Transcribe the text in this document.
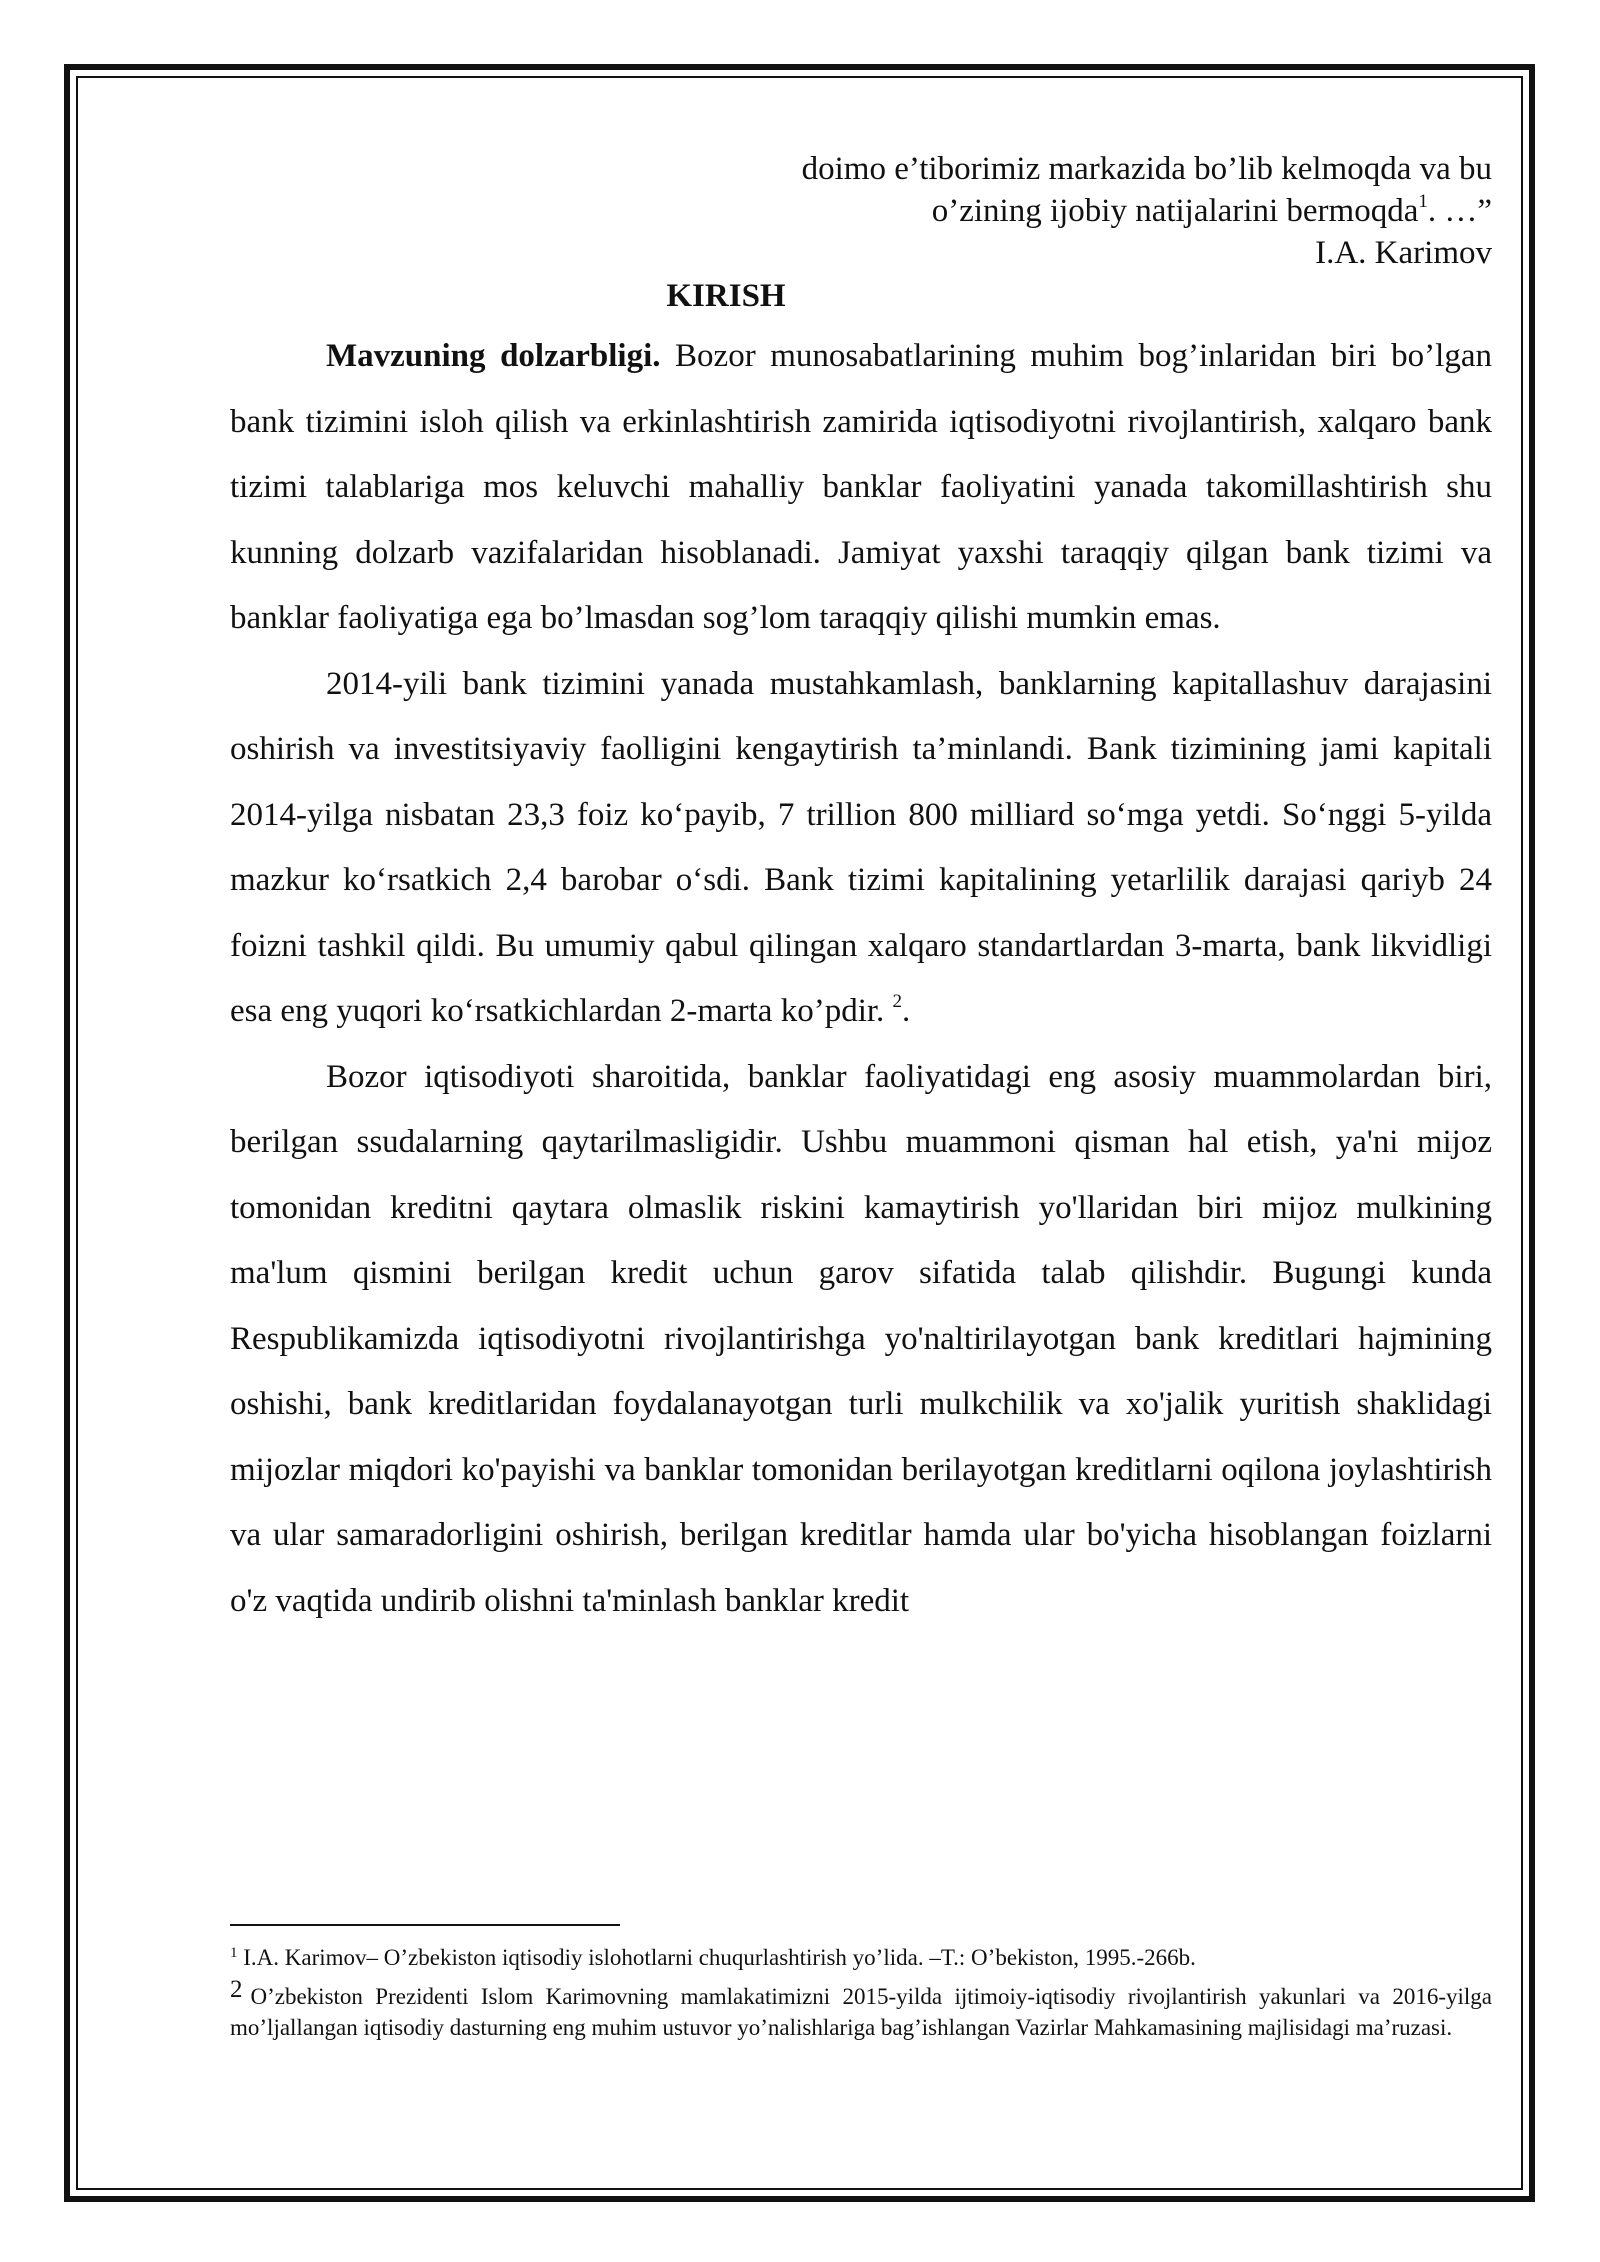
doimo e’tiborimiz markazida bo’lib kelmoqda va bu

o’zining ijobiy natijalarini bermoqda$^1$. …”

I.A. Karimov

KIRISH

Mavzuning dolzarbligi. Bozor munosabatlarining muhim bog’inlaridan biri bo’lgan bank tizimini isloh qilish va erkinlashtirish zamirida iqtisodiyotni rivojlantirish, xalqaro bank tizimi talablariga mos keluvchi mahalliy banklar faoliyatini yanada takomillashtirish shu kunning dolzarb vazifalaridan hisoblanadi. Jamiyat yaxshi taraqqiy qilgan bank tizimi va banklar faoliyatiga ega bo’lmasdan sog’lom taraqqiy qilishi mumkin emas.

2014-yili bank tizimini yanada mustahkamlash, banklarning kapitallashuv darajasini oshirish va investitsiyaviy faolligini kengaytirish ta’minlandi. Bank tizimining jami kapitali 2014-yilga nisbatan 23,3 foiz ko‘payib, 7 trillion 800 milliard so‘mga yetdi. So‘nggi 5-yilda mazkur ko‘rsatkich 2,4 barobar o‘sdi. Bank tizimi kapitalining yetarlilik darajasi qariyb 24 foizni tashkil qildi. Bu umumiy qabul qilingan xalqaro standartlardan 3-marta, bank likvidligi esa eng yuqori ko‘rsatkichlardan 2-marta ko’pdir. $^2$.

Bozor iqtisodiyoti sharoitida, banklar faoliyatidagi eng asosiy muammolardan biri, berilgan ssudalarning qaytarilmasligidir. Ushbu muammoni qisman hal etish, ya'ni mijoz tomonidan kreditni qaytara olmaslik riskini kamaytirish yo'llaridan biri mijoz mulkining ma'lum qismini berilgan kredit uchun garov sifatida talab qilishdir. Bugungi kunda Respublikamizda iqtisodiyotni rivojlantirishga yo'naltirilayotgan bank kreditlari hajmining oshishi, bank kreditlaridan foydalanayotgan turli mulkchilik va xo'jalik yuritish shaklidagi mijozlar miqdori ko'payishi va banklar tomonidan berilayotgan kreditlarni oqilona joylashtirish va ular samaradorligini oshirish, berilgan kreditlar hamda ular bo'yicha hisoblangan foizlarni o'z vaqtida undirib olishni ta'minlash banklar kredit

$^1$ I.A. Karimov– O’zbekiston iqtisodiy islohotlarni chuqurlashtirish yo’lida. –T.: O’bekiston, 1995.-266b.

2 O’zbekiston Prezidenti Islom Karimovning mamlakatimizni 2015-yilda ijtimoiy-iqtisodiy rivojlantirish yakunlari va 2016-yilga mo’ljallangan iqtisodiy dasturning eng muhim ustuvor yo’nalishlariga bag’ishlangan Vazirlar Mahkamasining majlisidagi ma’ruzasi.
